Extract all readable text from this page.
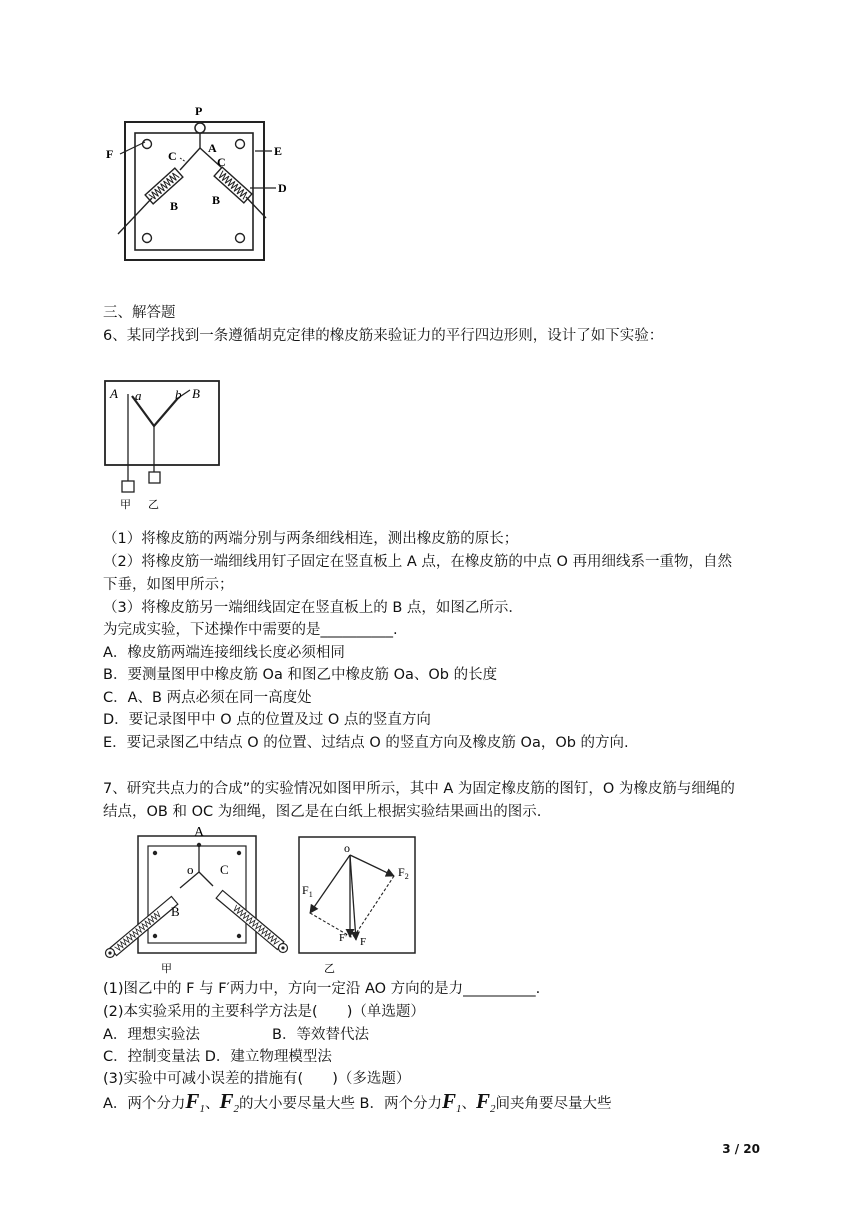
P
F	E
A
C	C
B	B
D
三、解答题
6、某同学找到一条遵循胡克定律的橡皮筋来验证力的平行四边形则，设计了如下实验：
A a	b B
甲 乙
（1）将橡皮筋的两端分别与两条细线相连，测出橡皮筋的原长；
（2）将橡皮筋一端细线用钉子固定在竖直板上 A 点，在橡皮筋的中点 O 再用细线系一重物，自然
下垂，如图甲所示；
（3）将橡皮筋另一端细线固定在竖直板上的 B 点，如图乙所示．
为完成实验，下述操作中需要的是__________.
A．橡皮筋两端连接细线长度必须相同
B．要测量图甲中橡皮筋 Oa 和图乙中橡皮筋 Oa、Ob 的长度
C．A、B 两点必须在同一高度处
D．要记录图甲中 O 点的位置及过 O 点的竖直方向
E．要记录图乙中结点 O 的位置、过结点 O 的竖直方向及橡皮筋 Oa，Ob 的方向.
7、研究共点力的合成”的实验情况如图甲所示，其中 A 为固定橡皮筋的图钉，O 为橡皮筋与细绳的
结点，OB 和 OC 为细绳，图乙是在白纸上根据实验结果画出的图示.
A
o C
B
甲
o
$F_1$
$F_2$
F′ F
乙
(1)图乙中的 F 与 F′两力中，方向一定沿 AO 方向的是力__________.
(2)本实验采用的主要科学方法是(　　)（单选题）
A．理想实验法	B．等效替代法
C．控制变量法 D．建立物理模型法
(3)实验中可减小误差的措施有(　　)（多选题）
A．两个分力$F_1$、$F_2$的大小要尽量大些 B．两个分力$F_1$、$F_2$间夹角要尽量大些
3 / 20
